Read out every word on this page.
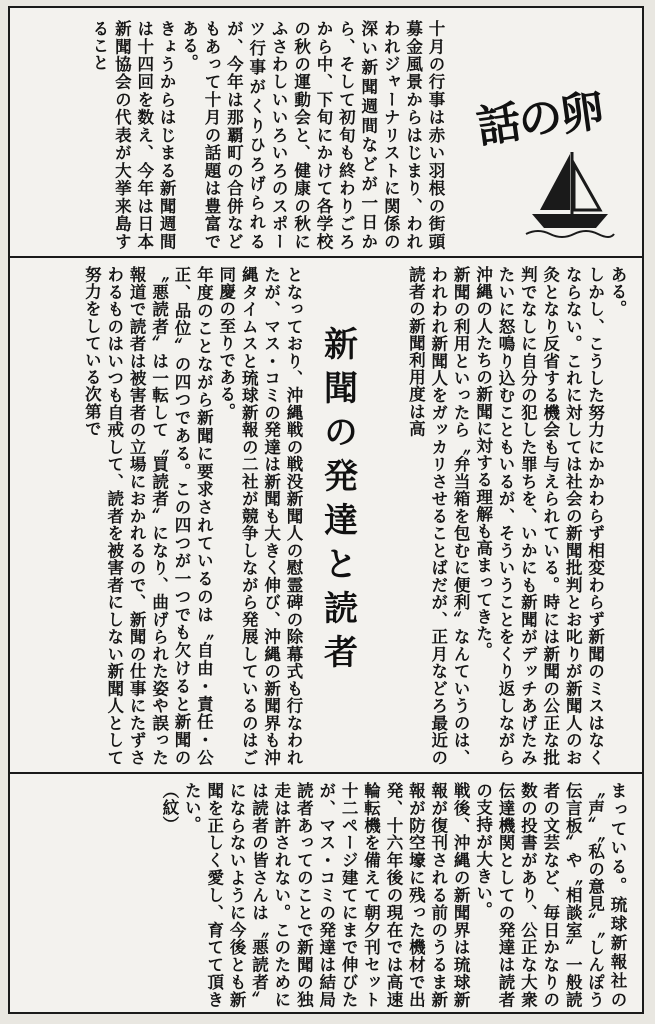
話の卵
十月の行事は赤い羽根の街頭募金風景からはじまり、われわれジャーナリストに関係の深い新聞週間などが一日から、そして初旬も終わりごろから中、下旬にかけて各学校の秋の運動会と、健康の秋にふさわしいいろいろのスポーツ行事がくりひろげられるが、今年は那覇町の合併などもあって十月の話題は豊富である。
きょうからはじまる新聞週間は十四回を数え、今年は日本新聞協会の代表が大挙来島すること
ある。
しかし、こうした努力にかかわらず相変わらず新聞のミスはなくならない。これに対しては社会の新聞批判とお叱りが新聞人のお灸となり反省する機会も与えられている。時には新聞の公正な批判でなしに自分の犯した罪ちを、いかにも新聞がデッチあげたみたいに怒鳴り込むこともいるが、そういうことをくり返しながら沖縄の人たちの新聞に対する理解も高まってきた。
新聞の利用といったら〝弁当箱を包むに便利〟なんていうのは、われわれ新聞人をガッカリさせることばだが、正月などろ最近の読者の新聞利用度は高
新聞の発達と読者
となっており、沖縄戦の戦没新聞人の慰霊碑の除幕式も行なわれたが、マス・コミの発達は新聞も大きく伸び、沖縄の新聞界も沖縄タイムスと琉球新報の二社が競争しながら発展しているのはご同慶の至りである。
年度のことながら新聞に要求されているのは〝自由・責任・公正、品位〟の四つである。この四つが一つでも欠けると新聞の〝悪読者〟は一転して〝買読者〟になり、曲げられた姿や誤った報道で読者は被害者の立場におかれるので、新聞の仕事にたずさわるものはいつも自戒して、読者を被害者にしない新聞人として努力をしている次第で
まっている。琉球新報社の〝声〟〝私の意見〟〝しんぽう伝言板〟や〝相談室〟一般読者の文芸など、毎日かなりの数の投書があり、公正な大衆伝達機関としての発達は読者の支持が大きい。
戦後、沖縄の新聞界は琉球新報が復刊される前のうるま新報が防空壕に残った機材で出発、十六年後の現在では高速輪転機を備えて朝夕刊セット十二ページ建てにまで伸びたが、マス・コミの発達は結局読者あってのことで新聞の独走は許されない。このためには読者の皆さんは〝悪読者〟にならないように今後とも新聞を正しく愛し、育てて頂きたい。
（紋）
